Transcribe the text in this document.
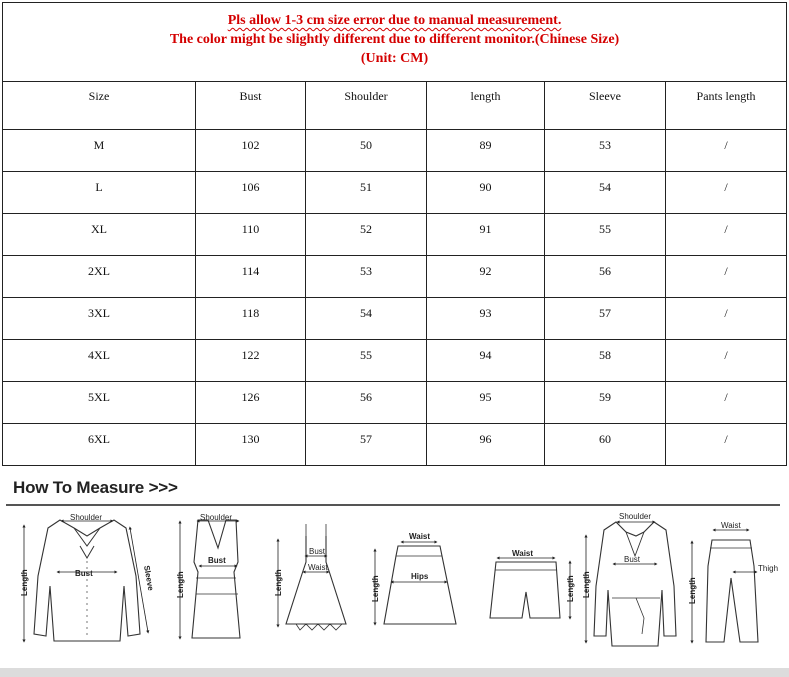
Pls allow 1-3 cm size error due to manual measurement.
The color might be slightly different due to different monitor.(Chinese Size)
(Unit: CM)					

Size	Bust	Shoulder	length	Sleeve	Pants length
M	102	50	89	53	/
L	106	51	90	54	/
XL	110	52	91	55	/
2XL	114	53	92	56	/
3XL	118	54	93	57	/
4XL	122	55	94	58	/
5XL	126	56	95	59	/
6XL	130	57	96	60	/
How To Measure >>>
Shoulder
Bust
Length	Sleeve
Shoulder
Bust
Length
Bust
Waist
Length
Waist
Hips
Length
Waist
Length
Shoulder
Bust
Length
Waist
Thigh
Length
